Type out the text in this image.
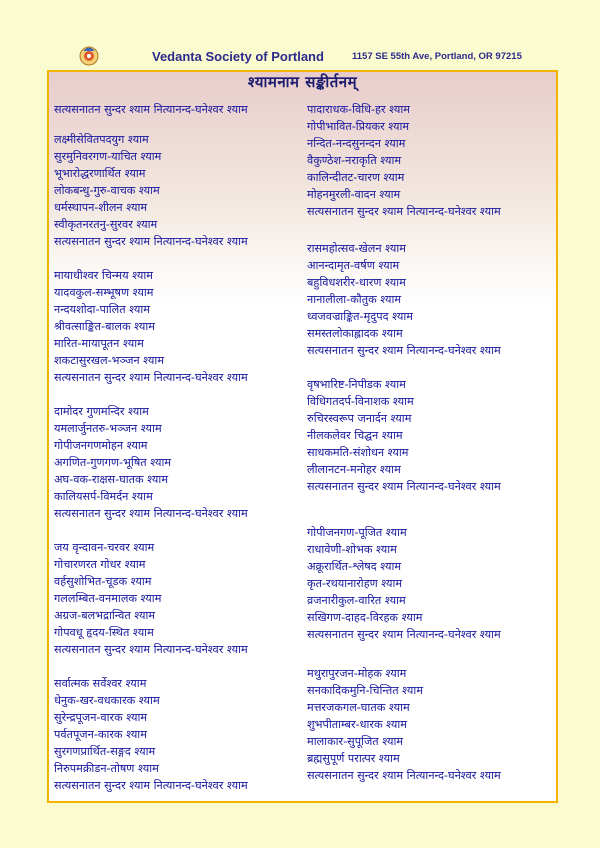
Vedanta Society of Portland	1157 SE 55th Ave, Portland, OR 97215
श्यामनाम सङ्कीर्तनम्
सत्यसनातन सुन्दर श्याम नित्यानन्द-घनेश्वर श्याम
लक्ष्मीसेवितपदयुग श्याम
सुरमुनिवरगण-याचित श्याम
भूभारोद्धरणार्थित श्याम
लोकबन्धु-गुरु-वाचक श्याम
धर्मस्थापन-शीलन श्याम
स्वीकृतनरतनु-सुरवर श्याम
सत्यसनातन सुन्दर श्याम नित्यानन्द-घनेश्वर श्याम
मायाधीश्वर चिन्मय श्याम
यादवकुल-सम्भूषण श्याम
नन्दयशोदा-पालित श्याम
श्रीवत्साङ्कित-बालक श्याम
मारित-मायापूतन श्याम
शकटासुरखल-भञ्जन श्याम
सत्यसनातन सुन्दर श्याम नित्यानन्द-घनेश्वर श्याम
दामोदर गुणमन्दिर श्याम
यमलार्जुनतरु-भञ्जन श्याम
गोपीजनगणमोहन श्याम
अगणित-गुणगण-भूषित श्याम
अघ-वक-राक्षस-घातक श्याम
कालियसर्प-विमर्दन श्याम
सत्यसनातन सुन्दर श्याम नित्यानन्द-घनेश्वर श्याम
जय वृन्दावन-चरवर श्याम
गोचारणरत गोधर श्याम
वर्हसुशोभित-चूडक श्याम
गललम्बित-वनमालक श्याम
अग्रज-बलभद्रान्वित श्याम
गोपवधू हृदय-स्थित श्याम
सत्यसनातन सुन्दर श्याम नित्यानन्द-घनेश्वर श्याम
सर्वात्मक सर्वेश्वर श्याम
धेनुक-खर-वधकारक श्याम
सुरेन्द्रपूजन-वारक श्याम
पर्वतपूजन-कारक श्याम
सुरगणप्रार्थित-सङ्गद श्याम
निरुपमक्रीडन-तोषण श्याम
सत्यसनातन सुन्दर श्याम नित्यानन्द-घनेश्वर श्याम
पादाराधक-विधि-हर श्याम
गोपीभावित-प्रियकर श्याम
नन्दित-नन्दसुनन्दन श्याम
वैकुण्ठेश-नराकृति श्याम
कालिन्दीतट-चारण श्याम
मोहनमुरली-वादन श्याम
सत्यसनातन सुन्दर श्याम नित्यानन्द-घनेश्वर श्याम
रासमहोत्सव-खेलन श्याम
आनन्दामृत-वर्षण श्याम
बहुविधशरीर-धारण श्याम
नानालीला-कौतुक श्याम
ध्वजवज्राङ्कित-मृदुपद श्याम
समस्तलोकाह्लादक श्याम
सत्यसनातन सुन्दर श्याम नित्यानन्द-घनेश्वर श्याम
वृषभारिष्ट-निपीडक श्याम
विधिगतदर्प-विनाशक श्याम
रुचिरस्वरूप जनार्दन श्याम
नीलकलेवर चिद्घन श्याम
साधकमति-संशोधन श्याम
लीलानटन-मनोहर श्याम
सत्यसनातन सुन्दर श्याम नित्यानन्द-घनेश्वर श्याम
गोपीजनगण-पूजित श्याम
राधावेणी-शोभक श्याम
अक्रूरार्थित-श्लेषद श्याम
कृत-रथयानारोहण श्याम
व्रजनारीकुल-वारित श्याम
सखिगण-दाहद-विरहक श्याम
सत्यसनातन सुन्दर श्याम नित्यानन्द-घनेश्वर श्याम
मथुरापुरजन-मोहक श्याम
सनकादिकमुनि-चिन्तित श्याम
मत्तरजकगल-घातक श्याम
शुभपीताम्बर-धारक श्याम
मालाकार-सुपूजित श्याम
ब्रह्मसुपूर्ण परात्पर श्याम
सत्यसनातन सुन्दर श्याम नित्यानन्द-घनेश्वर श्याम
